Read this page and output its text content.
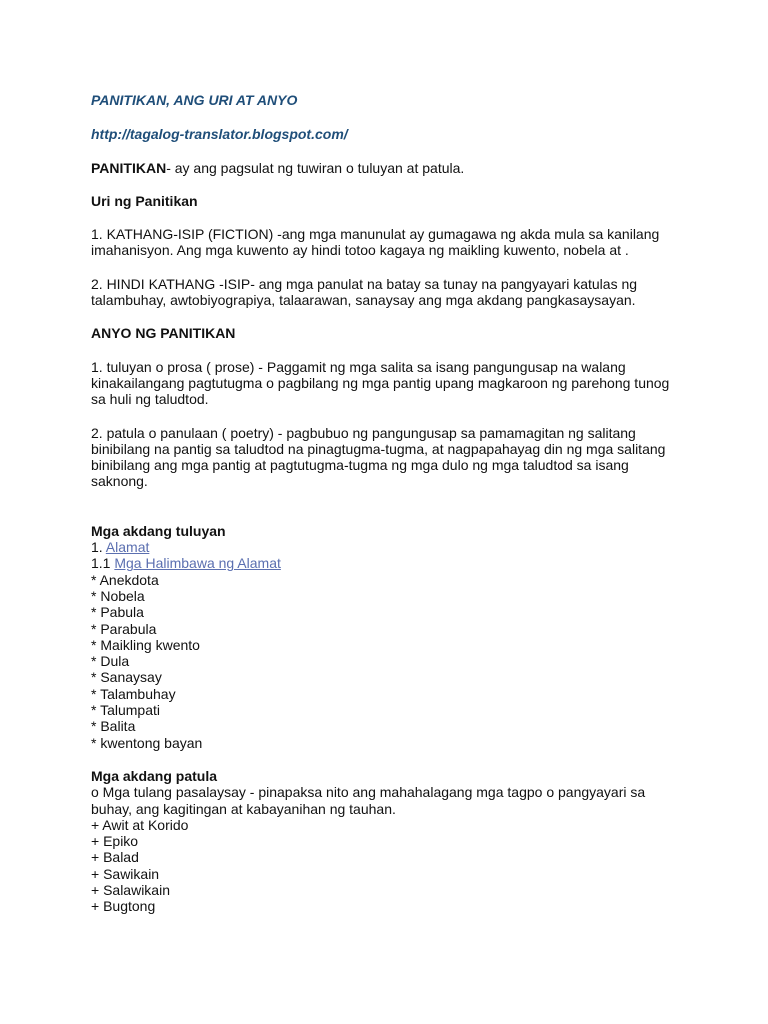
PANITIKAN, ANG URI AT ANYO

http://tagalog-translator.blogspot.com/

PANITIKAN- ay ang pagsulat ng tuwiran o tuluyan at patula.

Uri ng Panitikan

1. KATHANG-ISIP (FICTION) -ang mga manunulat ay gumagawa ng akda mula sa kanilang
imahanisyon. Ang mga kuwento ay hindi totoo kagaya ng maikling kuwento, nobela at .

2. HINDI KATHANG -ISIP- ang mga panulat na batay sa tunay na pangyayari katulas ng
talambuhay, awtobiyograpiya, talaarawan, sanaysay ang mga akdang pangkasaysayan.

ANYO NG PANITIKAN

1. tuluyan o prosa ( prose) - Paggamit ng mga salita sa isang pangungusap na walang
kinakailangang pagtutugma o pagbilang ng mga pantig upang magkaroon ng parehong tunog
sa huli ng taludtod.

2. patula o panulaan ( poetry) - pagbubuo ng pangungusap sa pamamagitan ng salitang
binibilang na pantig sa taludtod na pinagtugma-tugma, at nagpapahayag din ng mga salitang
binibilang ang mga pantig at pagtutugma-tugma ng mga dulo ng mga taludtod sa isang
saknong.

Mga akdang tuluyan
1. Alamat
1.1 Mga Halimbawa ng Alamat
* Anekdota
* Nobela
* Pabula
* Parabula
* Maikling kwento
* Dula
* Sanaysay
* Talambuhay
* Talumpati
* Balita
* kwentong bayan
Mga akdang patula
o Mga tulang pasalaysay - pinapaksa nito ang mahahalagang mga tagpo o pangyayari sa
buhay, ang kagitingan at kabayanihan ng tauhan.
+ Awit at Korido
+ Epiko
+ Balad
+ Sawikain
+ Salawikain
+ Bugtong
